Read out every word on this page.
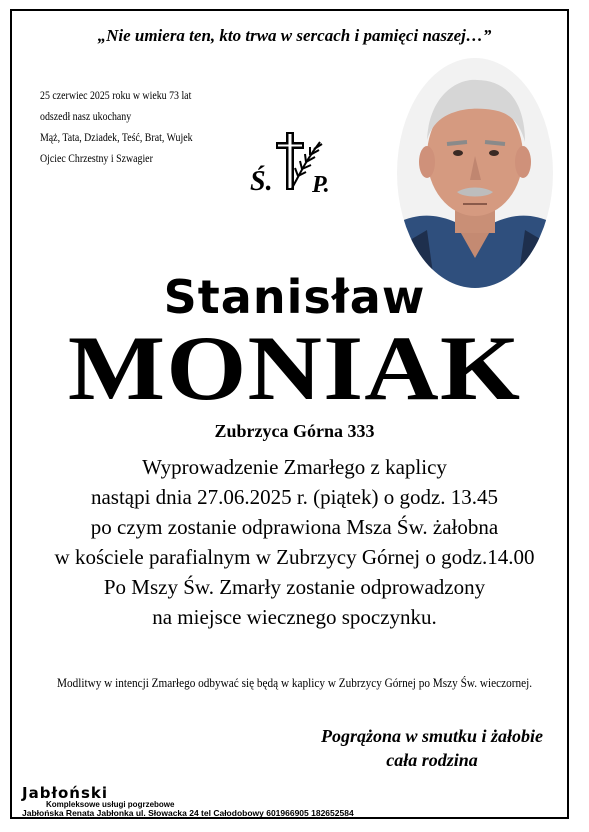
„Nie umiera ten, kto trwa w sercach i pamięci naszej…”
25 czerwiec 2025 roku w wieku 73 lat
odszedł nasz ukochany
Mąż, Tata, Dziadek, Teść, Brat, Wujek
Ojciec Chrzestny i Szwagier
Ś. P.
Stanisław
MONIAK
Zubrzyca Górna 333
Wyprowadzenie Zmarłego z kaplicy
nastąpi dnia 27.06.2025 r. (piątek) o godz. 13.45
po czym zostanie odprawiona Msza Św. żałobna
w kościele parafialnym w Zubrzycy Górnej o godz.14.00
Po Mszy Św. Zmarły zostanie odprowadzony
na miejsce wiecznego spoczynku.
Modlitwy w intencji Zmarłego odbywać się będą w kaplicy w Zubrzycy Górnej po Mszy Św. wieczornej.
Pogrążona w smutku i żałobie
cała rodzina
Jabłoński
Kompleksowe usługi pogrzebowe
Jabłońska Renata Jabłonka ul. Słowacka 24 tel Całodobowy 601966905 182652584
